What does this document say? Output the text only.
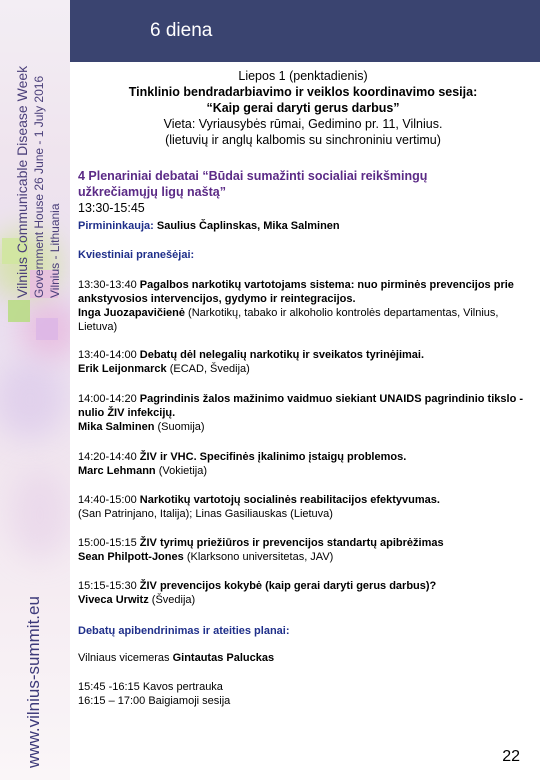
Vilnius Communicable Disease Week Government House 26 June - 1 July 2016 Vilnius - Lithuania
www.vilnius-summit.eu
6 diena
Liepos 1 (penktadienis)
Tinklinio bendradarbiavimo ir veiklos koordinavimo sesija:
“Kaip gerai daryti gerus darbus”
Vieta: Vyriausybės rūmai, Gedimino pr. 11, Vilnius.
(lietuvių ir anglų kalbomis su sinchroniniu vertimu)
4 Plenariniai debatai “Būdai sumažinti socialiai reikšmingų
užkrečiamųjų ligų naštą”
13:30-15:45
Pirmininkauja: Saulius Čaplinskas, Mika Salminen
Kviestiniai pranešėjai:
13:30-13:40 Pagalbos narkotikų vartotojams sistema: nuo pirminės prevencijos prie ankstyvosios intervencijos, gydymo ir reintegracijos.
Inga Juozapavičienė (Narkotikų, tabako ir alkoholio kontrolės departamentas, Vilnius, Lietuva)
13:40-14:00 Debatų dėl nelegalių narkotikų ir sveikatos tyrinėjimai.
Erik Leijonmarck (ECAD, Švedija)
14:00-14:20 Pagrindinis žalos mažinimo vaidmuo siekiant UNAIDS pagrindinio tikslo - nulio ŽIV infekcijų.
Mika Salminen (Suomija)
14:20-14:40 ŽIV ir VHC. Specifinės įkalinimo įstaigų problemos.
Marc Lehmann (Vokietija)
14:40-15:00 Narkotikų vartotojų socialinės reabilitacijos efektyvumas.
(San Patrinjano, Italija); Linas Gasiliauskas (Lietuva)
15:00-15:15 ŽIV tyrimų priežiūros ir prevencijos standartų apibrėžimas
Sean Philpott-Jones (Klarksono universitetas, JAV)
15:15-15:30 ŽIV prevencijos kokybė (kaip gerai daryti gerus darbus)?
Viveca Urwitz (Švedija)
Debatų apibendrinimas ir ateities planai:
Vilniaus vicemeras Gintautas Paluckas
15:45 -16:15 Kavos pertrauka
16:15 – 17:00 Baigiamoji sesija
22
